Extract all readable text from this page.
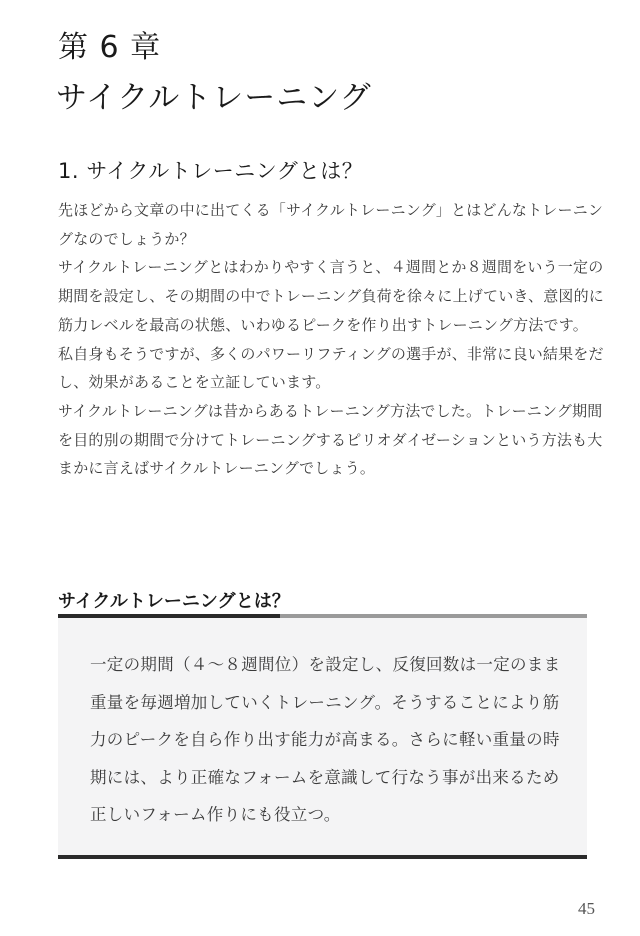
第 6 章
サイクルトレーニング
1. サイクルトレーニングとは？

先ほどから文章の中に出てくる「サイクルトレーニング」とはどんなトレーニングなのでしょうか？

サイクルトレーニングとはわかりやすく言うと、４週間とか８週間をいう一定の期間を設定し、その期間の中でトレーニング負荷を徐々に上げていき、意図的に筋力レベルを最高の状態、いわゆるピークを作り出すトレーニング方法です。

私自身もそうですが、多くのパワーリフティングの選手が、非常に良い結果をだし、効果があることを立証しています。

サイクルトレーニングは昔からあるトレーニング方法でした。トレーニング期間を目的別の期間で分けてトレーニングするピリオダイゼーションという方法も大まかに言えばサイクルトレーニングでしょう。

サイクルトレーニングとは？
一定の期間（４〜８週間位）を設定し、反復回数は一定のまま重量を毎週増加していくトレーニング。そうすることにより筋力のピークを自ら作り出す能力が高まる。さらに軽い重量の時期には、より正確なフォームを意識して行なう事が出来るため正しいフォーム作りにも役立つ。
45
